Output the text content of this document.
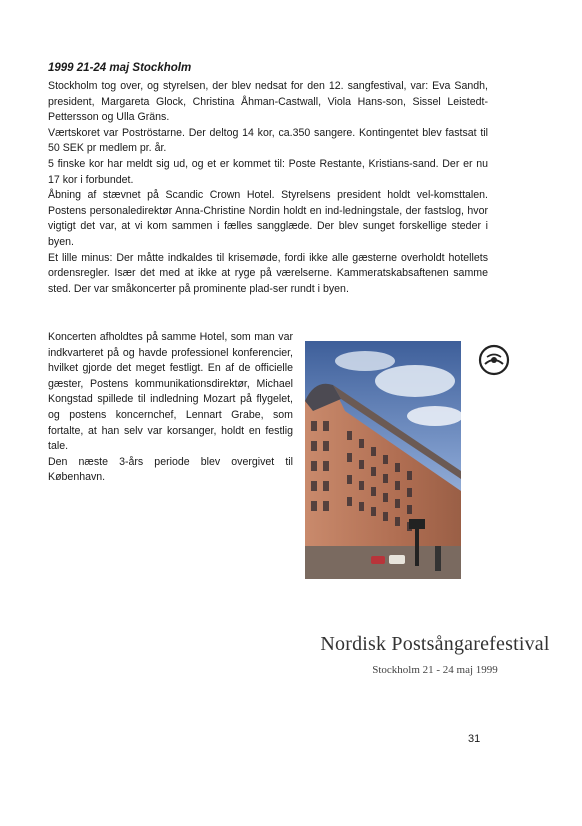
1999 21-24 maj Stockholm

Stockholm tog over, og styrelsen, der blev nedsat for den 12. sangfestival, var: Eva Sandh, president, Margareta Glock, Christina Åhman-Castwall, Viola Hans-son, Sissel Leistedt-Pettersson og Ulla Gräns.

Værtskoret var Poströstarne. Der deltog 14 kor, ca.350 sangere. Kontingentet blev fastsat til 50 SEK pr medlem pr. år.

5 finske kor har meldt sig ud, og et er kommet til: Poste Restante, Kristians-sand. Der er nu 17 kor i forbundet.

Åbning af stævnet på Scandic Crown Hotel. Styrelsens president holdt vel-komsttalen. Postens personaledirektør Anna-Christine Nordin holdt en ind-ledningstale, der fastslog, hvor vigtigt det var, at vi kom sammen i fælles sangglæde. Der blev sunget forskellige steder i byen.

Et lille minus: Der måtte indkaldes til krisemøde, fordi ikke alle gæsterne overholdt hotellets ordensregler. Især det med at ikke at ryge på værelserne. Kammeratskabsaftenen samme sted. Der var småkoncerter på prominente plad-ser rundt i byen.

Koncerten afholdtes på samme Hotel, som man var indkvarteret på og havde professionel konferencier, hvilket gjorde det meget festligt. En af de officielle gæster, Postens kommunikationsdirektør, Michael Kongstad spillede til indledning Mozart på flygelet, og postens koncernchef, Lennart Grabe, som fortalte, at han selv var korsanger, holdt en festlig tale.

Den næste 3-års periode blev overgivet til København.

Nordisk Postsångarefestival

Stockholm 21 - 24 maj 1999

31
